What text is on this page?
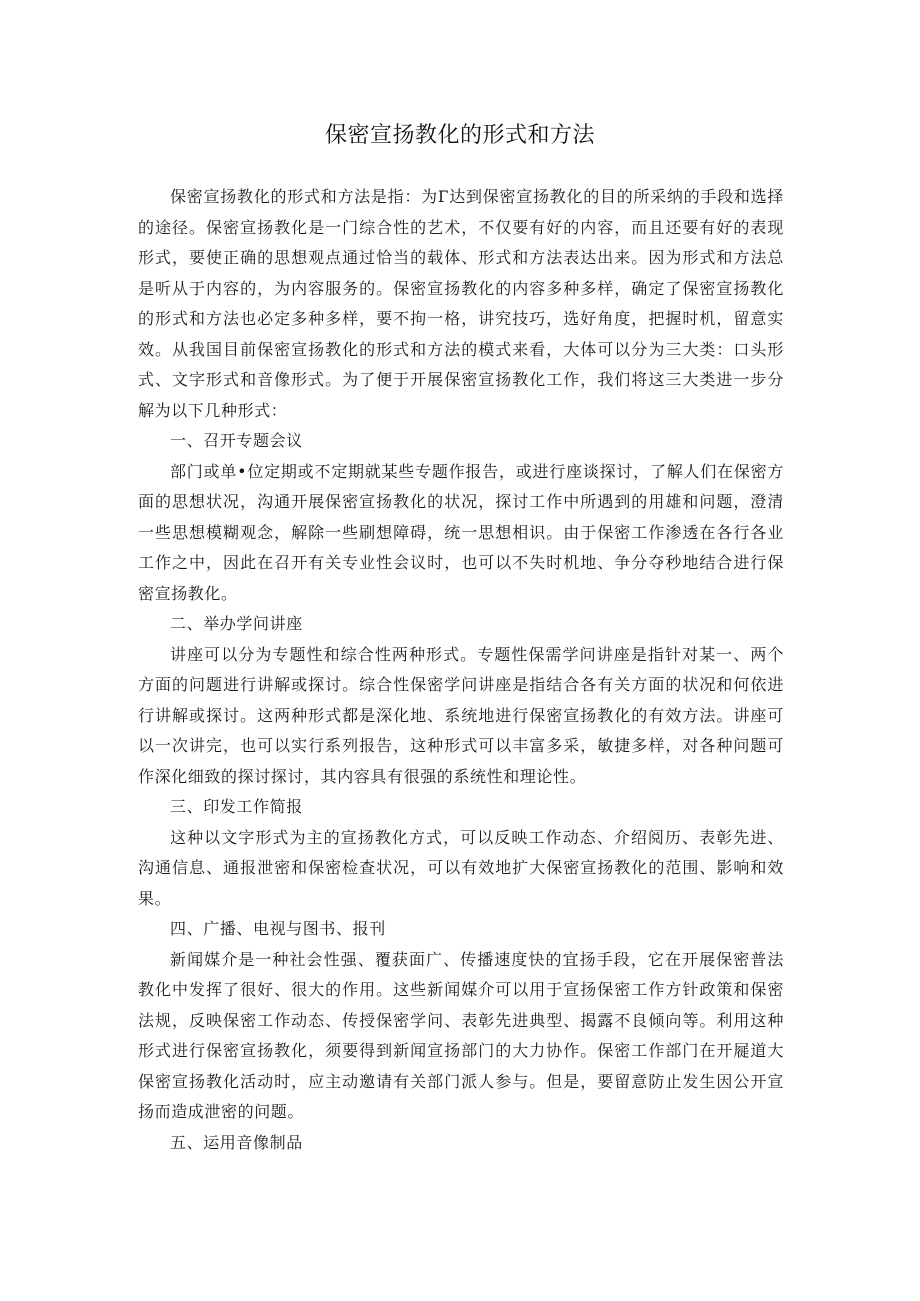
保密宣扬教化的形式和方法

保密宣扬教化的形式和方法是指：为Г达到保密宣扬教化的目的所采纳的手段和选择的途径。保密宣扬教化是一门综合性的艺术，不仅要有好的内容，而且还要有好的表现形式，要使正确的思想观点通过恰当的载体、形式和方法表达出来。因为形式和方法总是听从于内容的，为内容服务的。保密宣扬教化的内容多种多样，确定了保密宣扬教化的形式和方法也必定多种多样，要不拘一格，讲究技巧，选好角度，把握时机，留意实效。从我国目前保密宣扬教化的形式和方法的模式来看，大体可以分为三大类：口头形式、文字形式和音像形式。为了便于开展保密宣扬教化工作，我们将这三大类进一步分解为以下几种形式：

一、召开专题会议

部门或单•位定期或不定期就某些专题作报告，或进行座谈探讨，了解人们在保密方面的思想状况，沟通开展保密宣扬教化的状况，探讨工作中所遇到的用雄和问题，澄清一些思想模糊观念，解除一些刷想障碍，统一思想相识。由于保密工作渗透在各行各业工作之中，因此在召开有关专业性会议时，也可以不失时机地、争分夺秒地结合进行保密宣扬教化。

二、举办学问讲座

讲座可以分为专题性和综合性两种形式。专题性保需学问讲座是指针对某一、两个方面的问题进行讲解或探讨。综合性保密学问讲座是指结合各有关方面的状况和何依进行讲解或探讨。这两种形式都是深化地、系统地进行保密宣扬教化的有效方法。讲座可以一次讲完，也可以实行系列报告，这种形式可以丰富多采，敏捷多样，对各种问题可作深化细致的探讨探讨，其内容具有很强的系统性和理论性。

三、印发工作简报

这种以文字形式为主的宣扬教化方式，可以反映工作动态、介绍阅历、表彰先进、沟通信息、通报泄密和保密检查状况，可以有效地扩大保密宣扬教化的范围、影响和效果。

四、广播、电视与图书、报刊

新闻媒介是一种社会性强、覆获面广、传播速度快的宜扬手段，它在开展保密普法教化中发挥了很好、很大的作用。这些新闻媒介可以用于宣扬保密工作方针政策和保密法规，反映保密工作动态、传授保密学问、表彰先进典型、揭露不良倾向等。利用这种形式进行保密宣扬教化，须要得到新闻宣扬部门的大力协作。保密工作部门在开屣道大保密宣扬教化活动时，应主动邀请有关部门派人参与。但是，要留意防止发生因公开宣扬而造成泄密的问题。

五、运用音像制品
